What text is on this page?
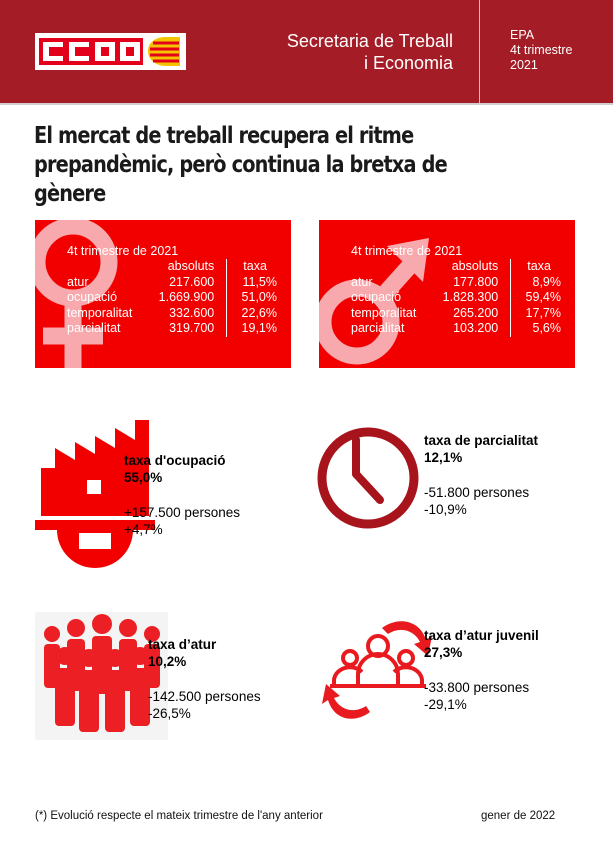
Secretaria de Treball
i Economia
EPA
4t trimestre
2021
El mercat de treball recupera el ritme
prepandèmic, però continua la bretxa de gènere
4t trimestre de 2021
	absoluts	taxa
atur	217.600	11,5%
ocupació	1.669.900	51,0%
temporalitat	332.600	22,6%
parcialitat	319.700	19,1%
4t trimestre de 2021
	absoluts	taxa
atur	177.800	8,9%
ocupació	1.828.300	59,4%
temporalitat	265.200	17,7%
parcialitat	103.200	5,6%
taxa d'ocupació
55,0%
+157.500 persones
+4,7%
taxa de parcialitat
12,1%
-51.800 persones
-10,9%
taxa d’atur
10,2%
-142.500 persones
-26,5%
taxa d’atur juvenil
27,3%
-33.800 persones
-29,1%
(*) Evolució respecte el mateix trimestre de l'any anterior	gener de 2022
